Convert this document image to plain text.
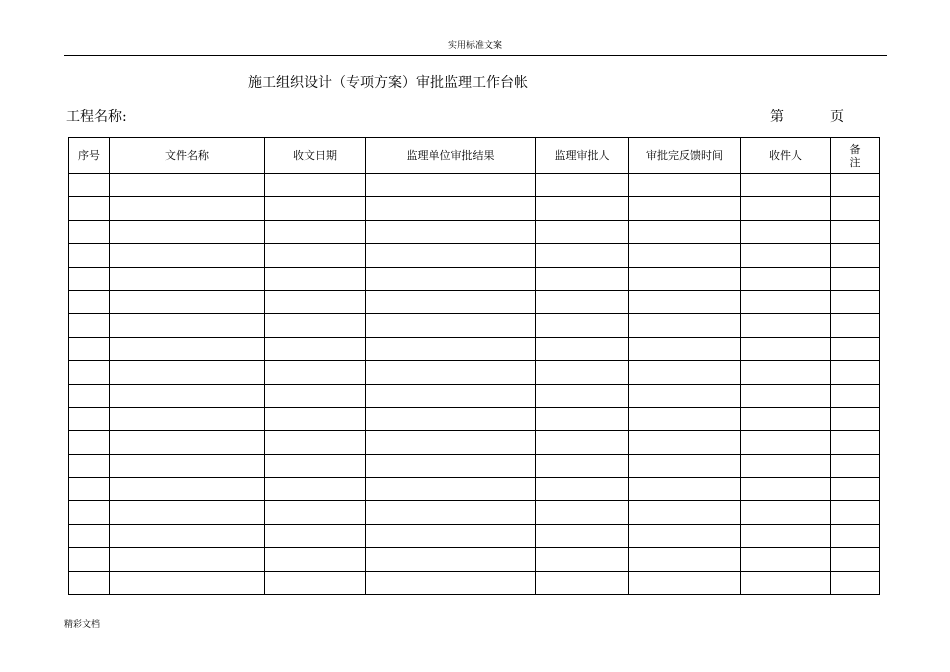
实用标准文案
施工组织设计（专项方案）审批监理工作台帐
工程名称:	第	页
序号	文件名称	收文日期	监理单位审批结果	监理审批人	审批完反馈时间	收件人	备
注

精彩文档
